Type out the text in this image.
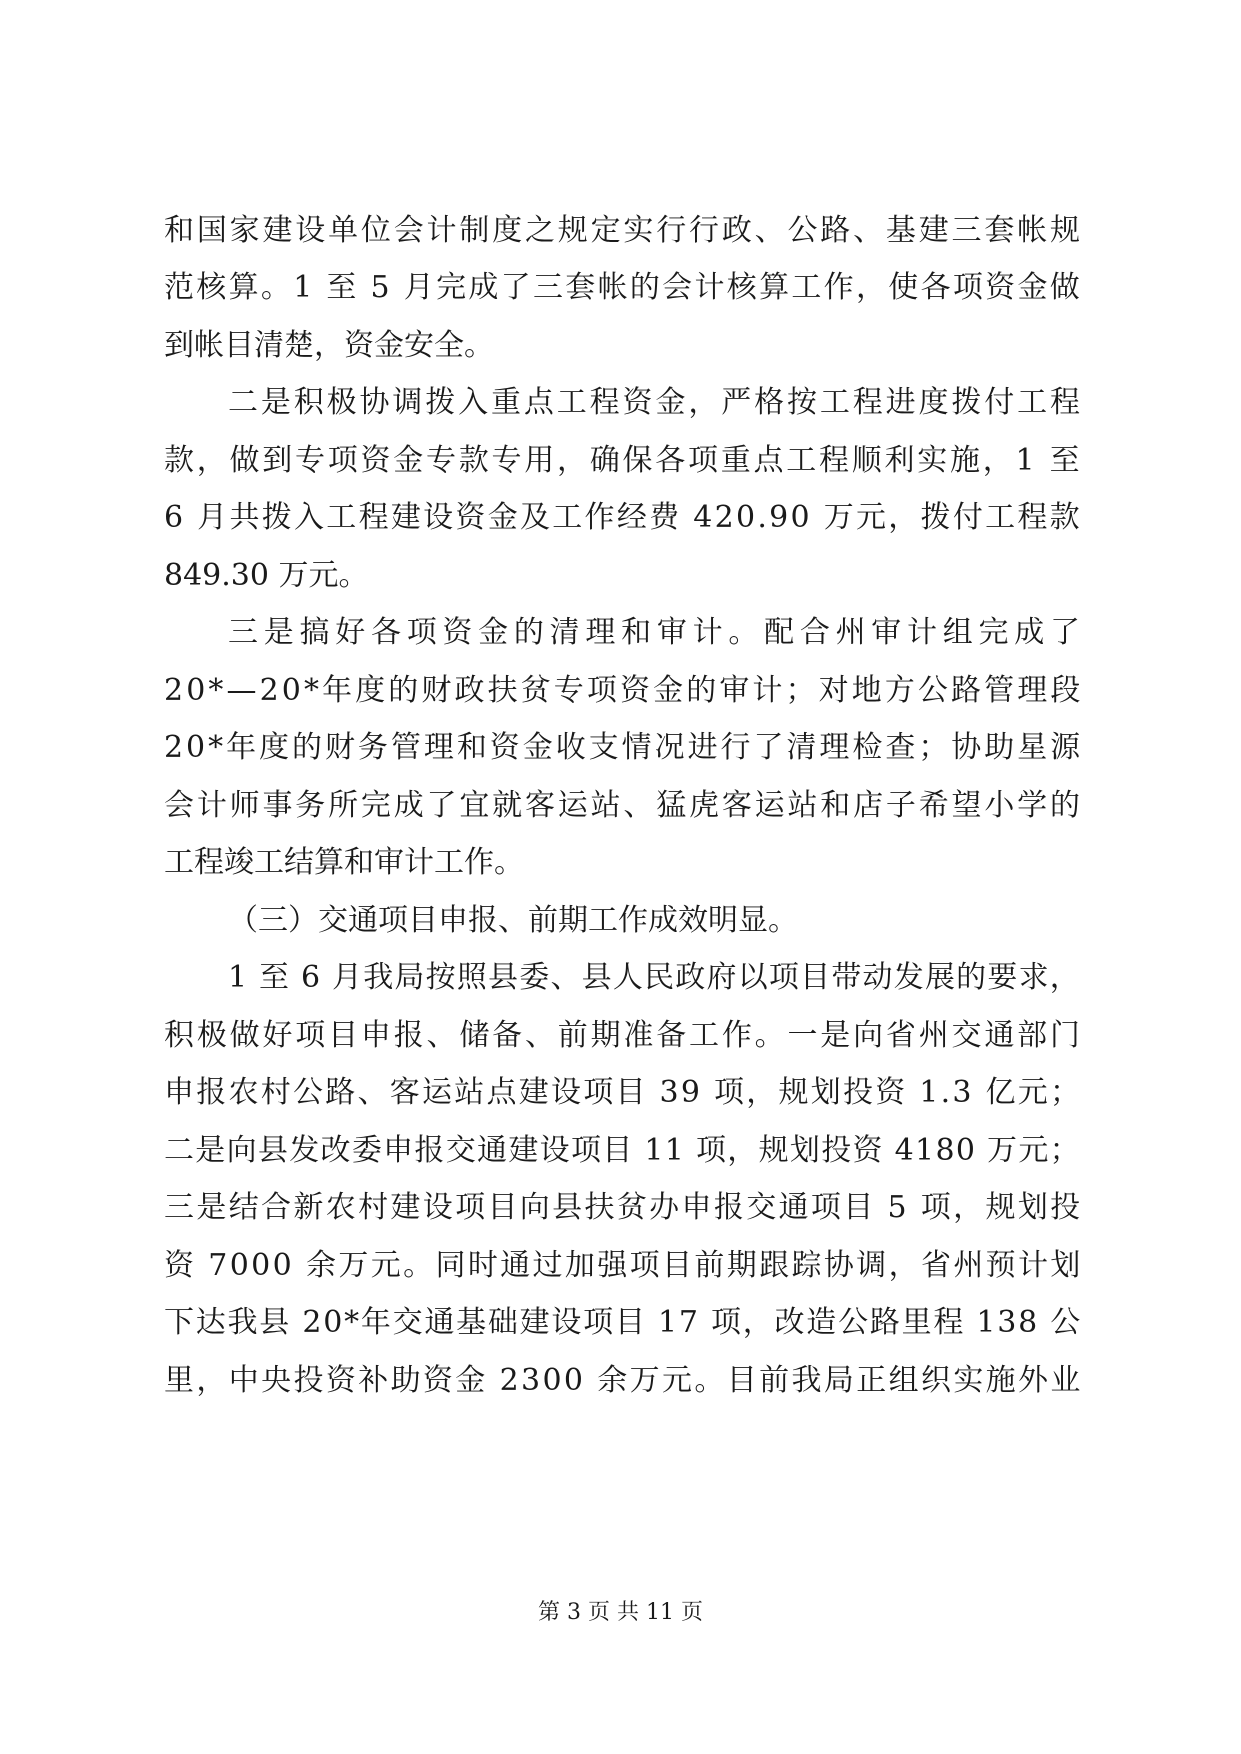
和国家建设单位会计制度之规定实行行政、公路、基建三套帐规
范核算。1 至 5 月完成了三套帐的会计核算工作，使各项资金做
到帐目清楚，资金安全。
二是积极协调拨入重点工程资金，严格按工程进度拨付工程
款，做到专项资金专款专用，确保各项重点工程顺利实施，1 至
6 月共拨入工程建设资金及工作经费 420.90 万元，拨付工程款
849.30 万元。
三是搞好各项资金的清理和审计。配合州审计组完成了
20*—20*年度的财政扶贫专项资金的审计；对地方公路管理段
20*年度的财务管理和资金收支情况进行了清理检查；协助星源
会计师事务所完成了宜就客运站、猛虎客运站和店子希望小学的
工程竣工结算和审计工作。
（三）交通项目申报、前期工作成效明显。
1 至 6 月我局按照县委、县人民政府以项目带动发展的要求，
积极做好项目申报、储备、前期准备工作。一是向省州交通部门
申报农村公路、客运站点建设项目 39 项，规划投资 1.3 亿元；
二是向县发改委申报交通建设项目 11 项，规划投资 4180 万元；
三是结合新农村建设项目向县扶贫办申报交通项目 5 项，规划投
资 7000 余万元。同时通过加强项目前期跟踪协调，省州预计划
下达我县 20*年交通基础建设项目 17 项，改造公路里程 138 公
里，中央投资补助资金 2300 余万元。目前我局正组织实施外业
第 3 页 共 11 页
